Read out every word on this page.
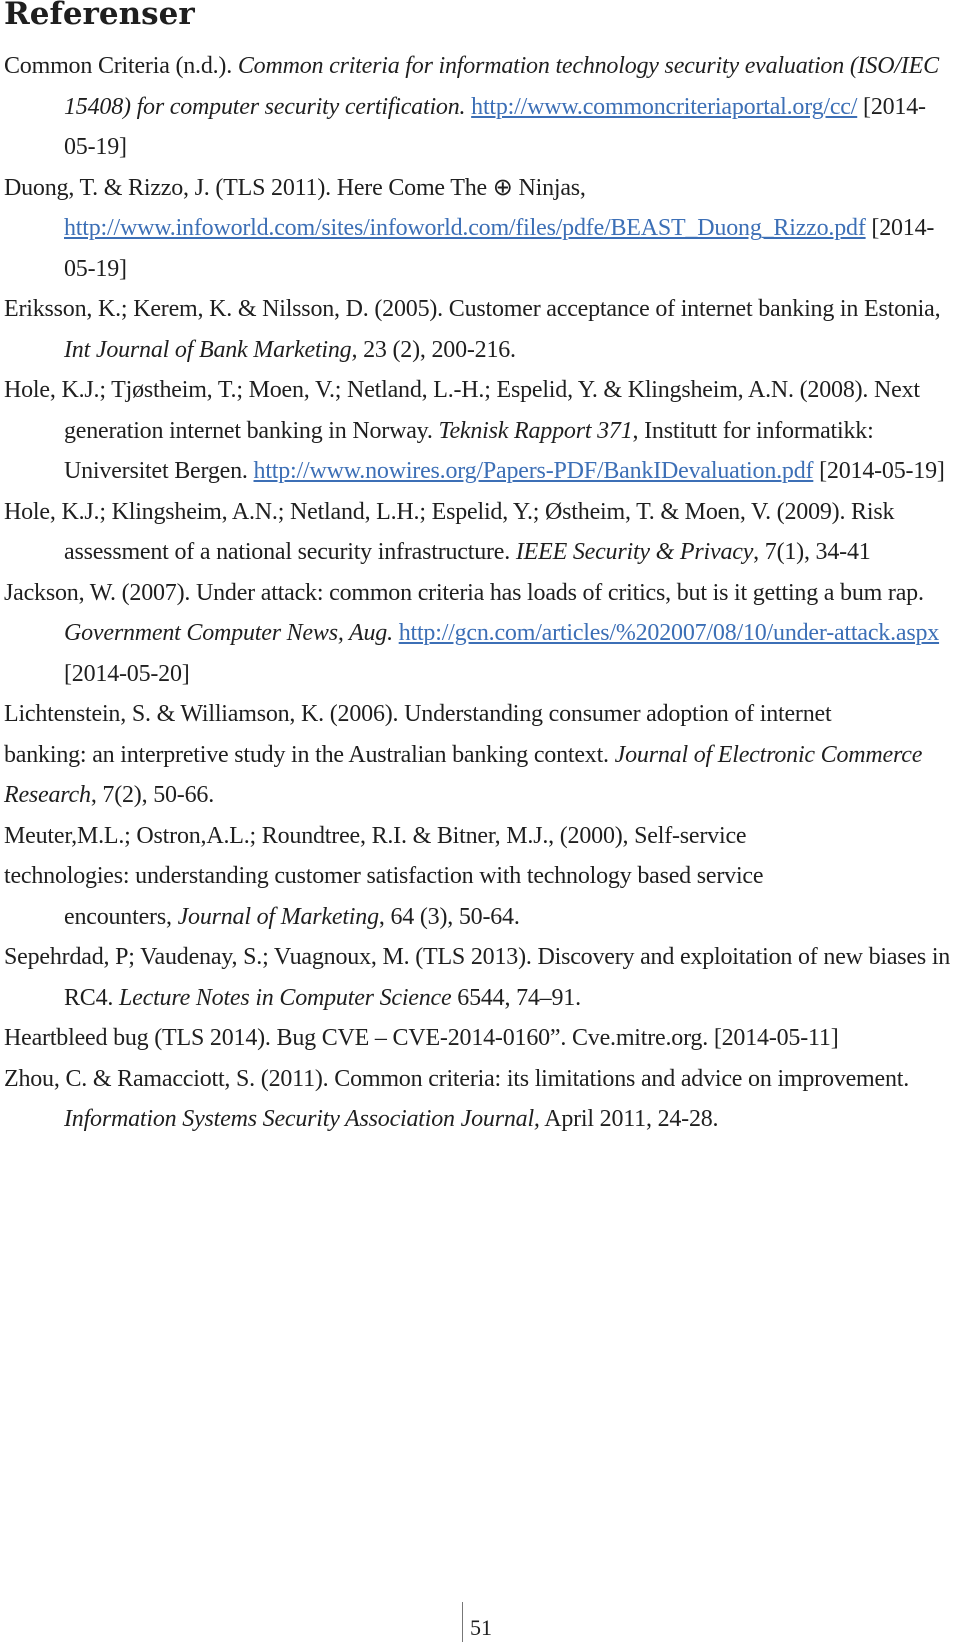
Referenser

Common Criteria (n.d.). Common criteria for information technology security evaluation (ISO/IEC 15408) for computer security certification. http://www.commoncriteriaportal.org/cc/ [2014-05-19]

Duong, T. & Rizzo, J. (TLS 2011). Here Come The ⊕ Ninjas, http://www.infoworld.com/sites/infoworld.com/files/pdfe/BEAST_Duong_Rizzo.pdf [2014-05-19]

Eriksson, K.; Kerem, K. & Nilsson, D. (2005). Customer acceptance of internet banking in Estonia, Int Journal of Bank Marketing, 23 (2), 200-216.

Hole, K.J.; Tjøstheim, T.; Moen, V.; Netland, L.-H.; Espelid, Y. & Klingsheim, A.N. (2008). Next generation internet banking in Norway. Teknisk Rapport 371, Institutt for informatikk: Universitet Bergen. http://www.nowires.org/Papers-PDF/BankIDevaluation.pdf [2014-05-19]

Hole, K.J.; Klingsheim, A.N.; Netland, L.H.; Espelid, Y.; Østheim, T. & Moen, V. (2009). Risk assessment of a national security infrastructure. IEEE Security & Privacy, 7(1), 34-41

Jackson, W. (2007). Under attack: common criteria has loads of critics, but is it getting a bum rap. Government Computer News, Aug. http://gcn.com/articles/%202007/08/10/under-attack.aspx [2014-05-20]

Lichtenstein, S. & Williamson, K. (2006). Understanding consumer adoption of internet

banking: an interpretive study in the Australian banking context. Journal of Electronic Commerce Research, 7(2), 50-66.

Meuter,M.L.; Ostron,A.L.; Roundtree, R.I. & Bitner, M.J., (2000), Self-service

technologies: understanding customer satisfaction with technology based service

encounters, Journal of Marketing, 64 (3), 50-64.

Sepehrdad, P; Vaudenay, S.; Vuagnoux, M. (TLS 2013). Discovery and exploitation of new biases in RC4. Lecture Notes in Computer Science 6544, 74–91.

Heartbleed bug (TLS 2014). Bug CVE – CVE-2014-0160”. Cve.mitre.org. [2014-05-11]

Zhou, C. & Ramacciott, S. (2011). Common criteria: its limitations and advice on improvement. Information Systems Security Association Journal, April 2011, 24-28.

51
